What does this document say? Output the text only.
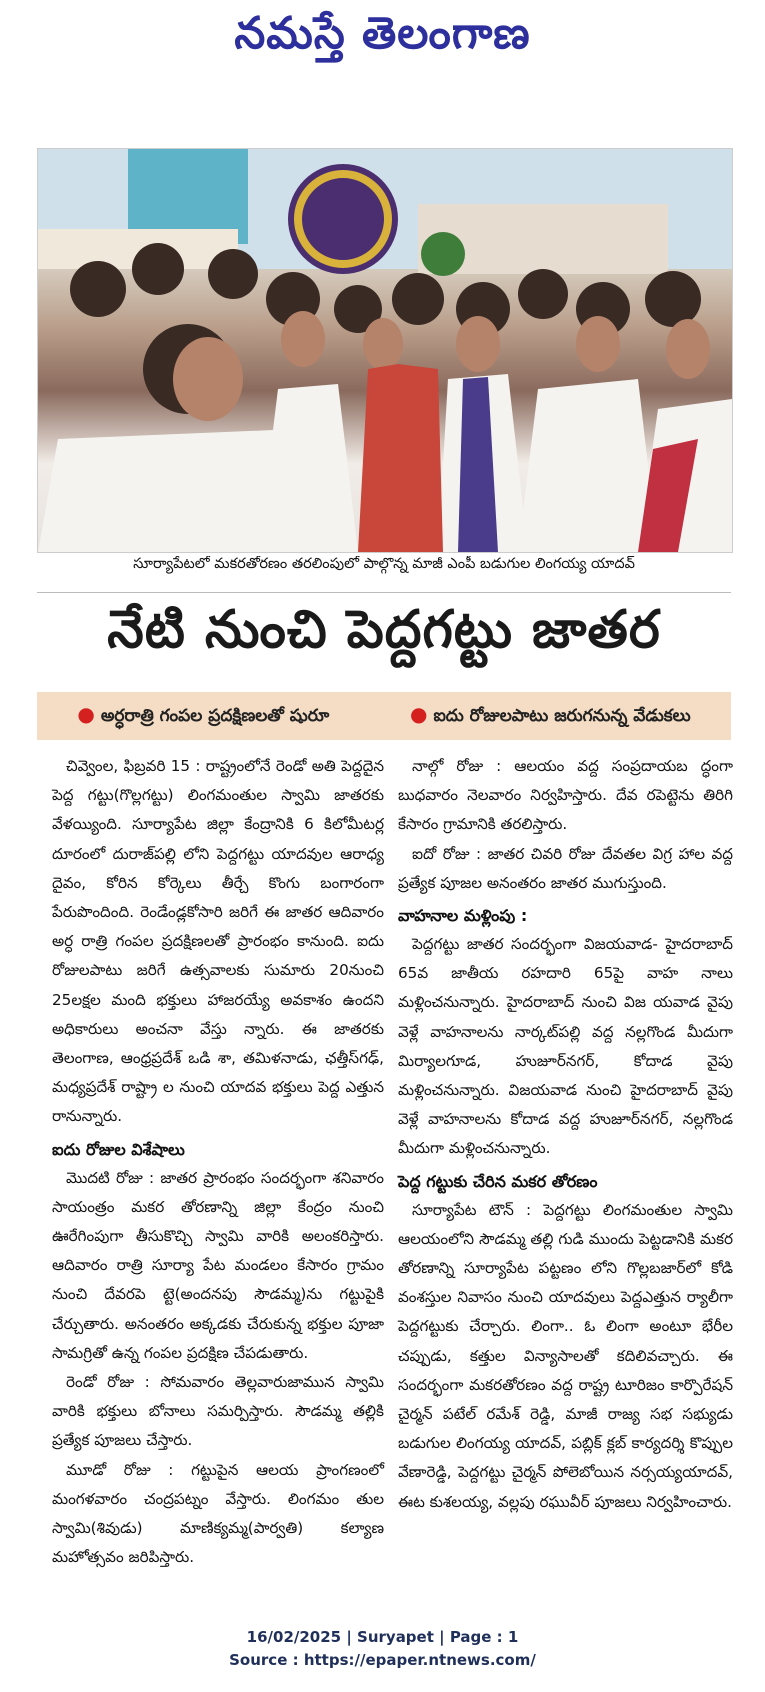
నమస్తే తెలంగాణ
సూర్యాపేటలో మకరతోరణం తరలింపులో పాల్గొన్న మాజీ ఎంపీ బడుగుల లింగయ్య యాదవ్
నేటి నుంచి పెద్దగట్టు జాతర
● అర్ధరాత్రి గంపల ప్రదక్షిణలతో షురూ	● ఐదు రోజులపాటు జరుగనున్న వేడుకలు

చివ్వెంల, ఫిబ్రవరి 15 : రాష్ట్రంలోనే రెండో అతి పెద్దదైన పెద్ద గట్టు(గొల్లగట్టు) లింగమంతుల స్వామి జాతరకు వేళయ్యింది. సూర్యాపేట జిల్లా కేంద్రానికి 6 కిలోమీటర్ల దూరంలో దురాజ్‌పల్లి లోని పెద్దగట్టు యాదవుల ఆరాధ్య దైవం, కోరిన కోర్కెలు తీర్చే కొంగు బంగారంగా పేరుపొందింది. రెండేండ్లకోసారి జరిగే ఈ జాతర ఆదివారం అర్ధ రాత్రి గంపల ప్రదక్షిణలతో ప్రారంభం కానుంది. ఐదు రోజులపాటు జరిగే ఉత్సవాలకు సుమారు 20నుంచి 25లక్షల మంది భక్తులు హాజరయ్యే అవకాశం ఉందని అధికారులు అంచనా వేస్తు న్నారు. ఈ జాతరకు తెలంగాణ, ఆంధ్రప్రదేశ్ ఒడి శా, తమిళనాడు, ఛత్తీస్‌గఢ్, మధ్యప్రదేశ్ రాష్ట్రా ల నుంచి యాదవ భక్తులు పెద్ద ఎత్తున రానున్నారు.

ఐదు రోజుల విశేషాలు

మొదటి రోజు : జాతర ప్రారంభం సందర్భంగా శనివారం సాయంత్రం మకర తోరణాన్ని జిల్లా కేంద్రం నుంచి ఊరేగింపుగా తీసుకొచ్చి స్వామి వారికి అలంకరిస్తారు. ఆదివారం రాత్రి సూర్యా పేట మండలం కేసారం గ్రామం నుంచి దేవరపె ట్టె(అందనపు సౌడమ్మ)ను గట్టుపైకి చేర్చుతారు. అనంతరం అక్కడకు చేరుకున్న భక్తుల పూజా సామగ్రితో ఉన్న గంపల ప్రదక్షిణ చేపడుతారు.

రెండో రోజు : సోమవారం తెల్లవారుజామున స్వామి వారికి భక్తులు బోనాలు సమర్పిస్తారు. సౌడమ్మ తల్లికి ప్రత్యేక పూజలు చేస్తారు.

మూడో రోజు : గట్టుపైన ఆలయ ప్రాంగణంలో మంగళవారం చంద్రపట్నం వేస్తారు. లింగమం తుల స్వామి(శివుడు) మాణిక్యమ్మ(పార్వతి) కల్యాణ మహోత్సవం జరిపిస్తారు.

నాల్గో రోజు : ఆలయం వద్ద సంప్రదాయబ ద్ధంగా బుధవారం నెలవారం నిర్వహిస్తారు. దేవ రపెట్టెను తిరిగి కేసారం గ్రామానికి తరలిస్తారు.

ఐదో రోజు : జాతర చివరి రోజు దేవతల విగ్ర హాల వద్ద ప్రత్యేక పూజల అనంతరం జాతర ముగుస్తుంది.

వాహనాల మళ్లింపు :

పెద్దగట్టు జాతర సందర్భంగా విజయవాడ- హైదరాబాద్ 65వ జాతీయ రహదారి 65పై వాహ నాలు మళ్లించనున్నారు. హైదరాబాద్ నుంచి విజ యవాడ వైపు వెళ్లే వాహనాలను నార్కట్‌పల్లి వద్ద నల్లగొండ మీదుగా మిర్యాలగూడ, హుజూర్‌నగర్, కోదాడ వైపు మళ్లించనున్నారు. విజయవాడ నుంచి హైదరాబాద్ వైపు వెళ్లే వాహనాలను కోదాడ వద్ద హుజూర్‌నగర్, నల్లగొండ మీదుగా మళ్లించనున్నారు.

పెద్ద గట్టుకు చేరిన మకర తోరణం

సూర్యాపేట టౌన్ : పెద్దగట్టు లింగమంతుల స్వామి ఆలయంలోని సౌడమ్మ తల్లి గుడి ముందు పెట్టడానికి మకర తోరణాన్ని సూర్యాపేట పట్టణం లోని గొల్లబజార్‌లో కోడి వంశస్తుల నివాసం నుంచి యాదవులు పెద్దఎత్తున ర్యాలీగా పెద్దగట్టుకు చేర్చారు. లింగా.. ఓ లింగా అంటూ భేరీల చప్పుడు, కత్తుల విన్యాసాలతో కదిలివచ్చారు. ఈ సందర్భంగా మకరతోరణం వద్ద రాష్ట్ర టూరిజం కార్పొరేషన్ చైర్మన్ పటేల్ రమేశ్ రెడ్డి, మాజీ రాజ్య సభ సభ్యుడు బడుగుల లింగయ్య యాదవ్, పబ్లిక్ క్లబ్ కార్యదర్శి కొప్పుల వేణారెడ్డి, పెద్దగట్టు చైర్మన్ పోలెబోయిన నర్సయ్యయాదవ్, ఈట కుశలయ్య, వల్లపు రఘువీర్ పూజలు నిర్వహించారు.

16/02/2025 | Suryapet | Page : 1
Source : https://epaper.ntnews.com/
